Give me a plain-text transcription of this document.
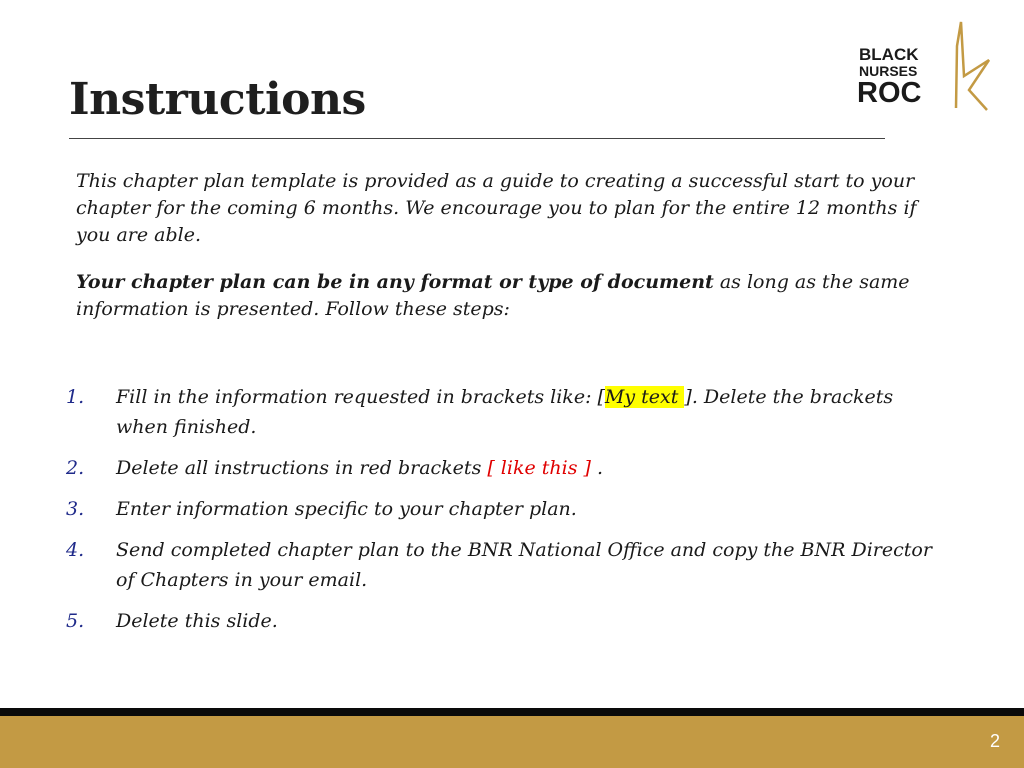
Instructions
BLACK
NURSES
ROC

This chapter plan template is provided as a guide to creating a successful start to your chapter for the coming 6 months. We encourage you to plan for the entire 12 months if you are able.

Your chapter plan can be in any format or type of document as long as the same information is presented. Follow these steps:

1. Fill in the information requested in brackets like: [My text ]. Delete the brackets when finished.
2. Delete all instructions in red brackets [ like this ] .
3. Enter information specific to your chapter plan.
4. Send completed chapter plan to the BNR National Office and copy the BNR Director of Chapters in your email.
5. Delete this slide.
2
